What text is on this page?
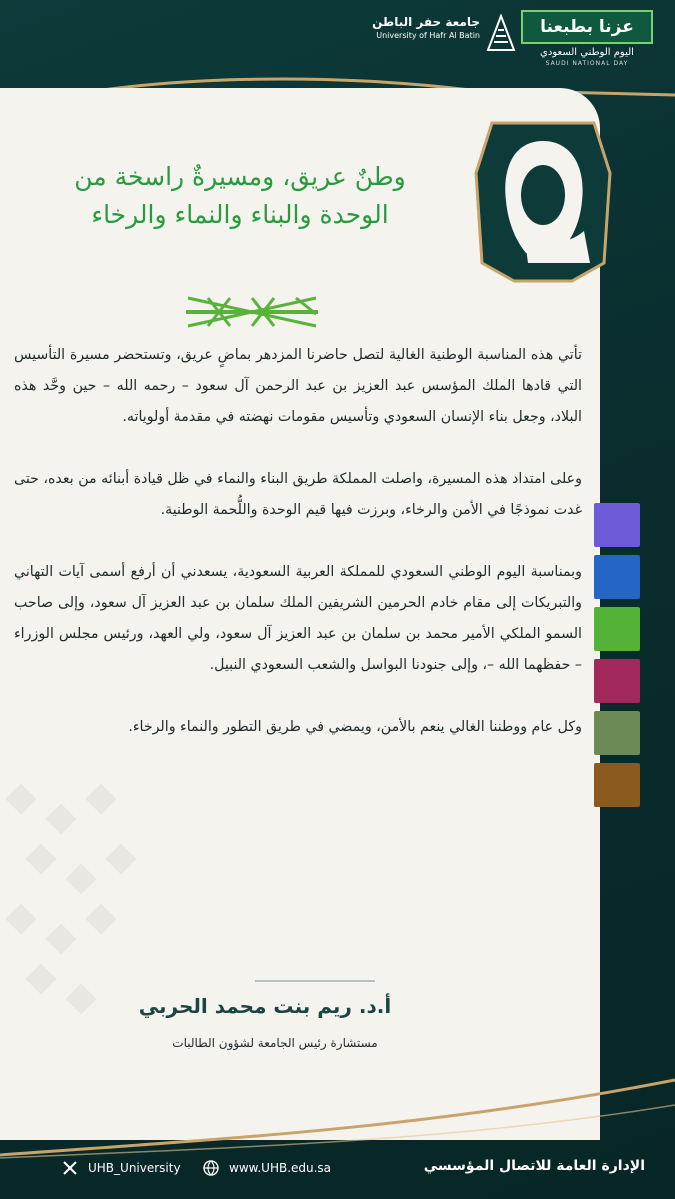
جامعة حفر الباطن
University of Hafr Al Batin	عزنا بطبعنا
اليوم الوطني السعودي
SAUDI NATIONAL DAY
وطنٌ عريق، ومسيرةٌ راسخة من
الوحدة والبناء والنماء والرخاء

تأتي هذه المناسبة الوطنية الغالية لتصل حاضرنا المزدهر بماضٍ عريق، وتستحضر مسيرة التأسيس التي قادها الملك المؤسس عبد العزيز بن عبد الرحمن آل سعود – رحمه الله – حين وحَّد هذه البلاد، وجعل بناء الإنسان السعودي وتأسيس مقومات نهضته في مقدمة أولوياته.

وعلى امتداد هذه المسيرة، واصلت المملكة طريق البناء والنماء في ظل قيادة أبنائه من بعده، حتى غدت نموذجًا في الأمن والرخاء، وبرزت فيها قيم الوحدة واللُّحمة الوطنية.

وبمناسبة اليوم الوطني السعودي للمملكة العربية السعودية، يسعدني أن أرفع أسمى آيات التهاني والتبريكات إلى مقام خادم الحرمين الشريفين الملك سلمان بن عبد العزيز آل سعود، وإلى صاحب السمو الملكي الأمير محمد بن سلمان بن عبد العزيز آل سعود، ولي العهد، ورئيس مجلس الوزراء – حفظهما الله –، وإلى جنودنا البواسل والشعب السعودي النبيل.

وكل عام ووطننا الغالي ينعم بالأمن، ويمضي في طريق التطور والنماء والرخاء.

أ.د. ريم بنت محمد الحربي
مستشارة رئيس الجامعة لشؤون الطالبات
UHB_University	www.UHB.edu.sa	الإدارة العامة للاتصال المؤسسي
